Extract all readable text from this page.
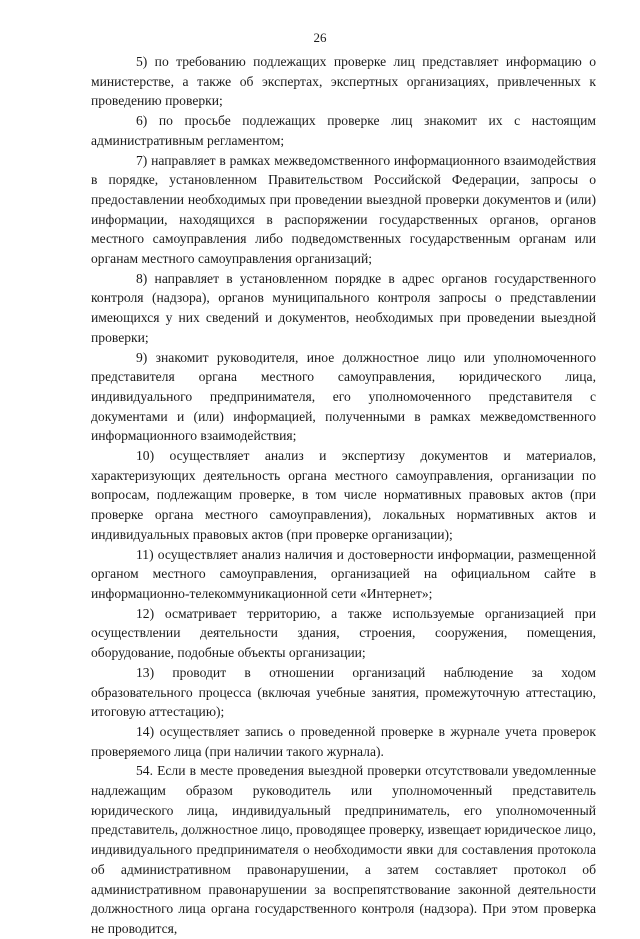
26

5) по требованию подлежащих проверке лиц представляет информацию о министерстве, а также об экспертах, экспертных организациях, привлеченных к проведению проверки;

6) по просьбе подлежащих проверке лиц знакомит их с настоящим административным регламентом;

7) направляет в рамках межведомственного информационного взаимодействия в порядке, установленном Правительством Российской Федерации, запросы о предоставлении необходимых при проведении выездной проверки документов и (или) информации, находящихся в распоряжении государственных органов, органов местного самоуправления либо подведомственных государственным органам или органам местного самоуправления организаций;

8) направляет в установленном порядке в адрес органов государственного контроля (надзора), органов муниципального контроля запросы о представлении имеющихся у них сведений и документов, необходимых при проведении выездной проверки;

9) знакомит руководителя, иное должностное лицо или уполномоченного представителя органа местного самоуправления, юридического лица, индивидуального предпринимателя, его уполномоченного представителя с документами и (или) информацией, полученными в рамках межведомственного информационного взаимодействия;

10) осуществляет анализ и экспертизу документов и материалов, характеризующих деятельность органа местного самоуправления, организации по вопросам, подлежащим проверке, в том числе нормативных правовых актов (при проверке органа местного самоуправления), локальных нормативных актов и индивидуальных правовых актов (при проверке организации);

11) осуществляет анализ наличия и достоверности информации, размещенной органом местного самоуправления, организацией на официальном сайте в информационно-телекоммуникационной сети «Интернет»;

12) осматривает территорию, а также используемые организацией при осуществлении деятельности здания, строения, сооружения, помещения, оборудование, подобные объекты организации;

13) проводит в отношении организаций наблюдение за ходом образовательного процесса (включая учебные занятия, промежуточную аттестацию, итоговую аттестацию);

14) осуществляет запись о проведенной проверке в журнале учета проверок проверяемого лица (при наличии такого журнала).

54. Если в месте проведения выездной проверки отсутствовали уведомленные надлежащим образом руководитель или уполномоченный представитель юридического лица, индивидуальный предприниматель, его уполномоченный представитель, должностное лицо, проводящее проверку, извещает юридическое лицо, индивидуального предпринимателя о необходимости явки для составления протокола об административном правонарушении, а затем составляет протокол об административном правонарушении за воспрепятствование законной деятельности должностного лица органа государственного контроля (надзора). При этом проверка не проводится,
